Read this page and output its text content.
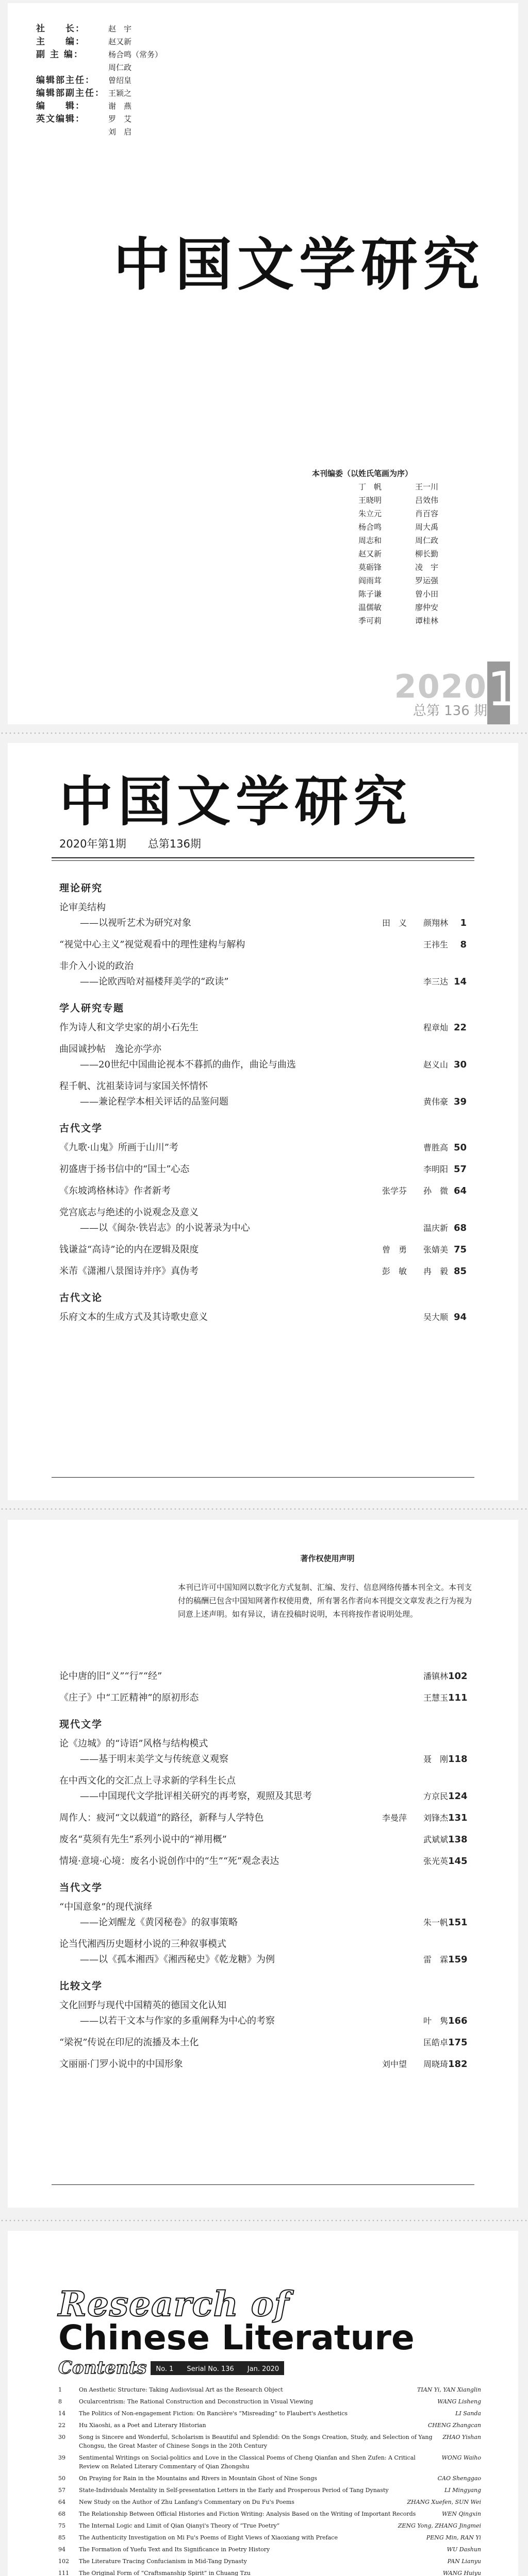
社　　长：	赵　宇
主　　编：	赵又新
副 主 编：	杨合鸣（常务）
周仁政
编辑部主任：	曾绍皇
编辑部副主任： 王颖之
编　　辑：	谢　燕
英文编辑：	罗　艾
刘　启
中国文学研究
本刊编委（以姓氏笔画为序）
丁　帆	王一川
王晓明	吕效伟
朱立元	肖百容
杨合鸣	周大禹
周志和	周仁政
赵又新	柳长勤
莫砺锋	凌　宇
阎雨茸	罗运强
陈子谦	曾小田
温儒敏	廖仲安
季可莉	谭桂林
2020 1
总第 136 期
中国文学研究
2020年第1期　　总第136期
理论研究
论审美结构
——以视听艺术为研究对象	田　义　　颜翔林	1
“视觉中心主义”视觉观看中的理性建构与解构	王祎生	8
非介入小说的政治
——论欧西哈对福楼拜美学的“政读”	李三达 14
学人研究专题
作为诗人和文学史家的胡小石先生	程章灿 22
曲园诚抄帖　逸论亦学亦
——20世纪中国曲论视本不暮抓的曲作，曲论与曲选	赵义山 30
程千帆、沈祖棻诗词与家国关怀情怀
——兼论程学本相关评话的品鉴问题	黄伟豪 39
古代文学
《九歌·山鬼》所画于山川”考	曹胜高 50
初盛唐于扬书信中的“国士”心态	李明阳 57
《东坡鸿格林诗》作者新考	张学芬　　孙　微 64
党宫底志与绝述的小说观念及意义
——以《闽杂·铁岩志》的小说著录为中心	温庆新 68
钱谦益“高诗”论的内在逻辑及限度	曾　勇　　张婧美 75
米芾《潇湘八景图诗并序》真伪考	彭　敏　　冉　毅 85
古代文论
乐府文本的生成方式及其诗歌史意义	吴大顺 94
著作权使用声明
本刊已许可中国知网以数字化方式复制、汇编、发行、信息网络传播本刊全文。本刊支付的稿酬已包含中国知网著作权使用费，所有署名作者向本刊提交文章发表之行为视为同意上述声明。如有异议，请在投稿时说明，本刊将按作者说明处理。
论中唐的旧“义”“行”“经”	潘镇林 102
《庄子》中“工匠精神”的原初形态	王慧玉 111
现代文学
论《边城》的“诗语”风格与结构模式
——基于明末美学文与传统意义观察	聂　刚 118
在中西文化的交汇点上寻求新的学科生长点
——中国现代文学批评相关研究的再考察，观照及其思考	方京民 124
周作人：疲河“文以载道”的路径，新释与人学特色	李曼萍　　刘锋杰 131
废名“莫须有先生”系列小说中的“禅用概”	武斌斌 138
情境·意境·心境：废名小说创作中的“生”“死”观念表达	张光英 145
当代文学
“中国意象”的现代演绎
——论刘醒龙《黄冈秘卷》的叙事策略	朱一帆 151
论当代湘西历史题材小说的三种叙事模式
——以《孤本湘西》《湘西秘史》《乾龙糖》为例	雷　霖 159
比较文学
文化回野与现代中国精英的德国文化认知
——以若干文本与作家的多重阐释为中心的考察	叶　隽 166
“梁祝”传说在印尼的流播及本土化	匡皓卓 175
文丽丽·门罗小说中的中国形象	刘中望　　周晓琦 182
Research of
Chinese Literature
Contents	No. 1　　Serial No. 136　　Jan. 2020
1	On Aesthetic Structure: Taking Audiovisual Art as the Research Object	TIAN Yi, YAN Xianglin
8	Ocularcentrism: The Rational Construction and Deconstruction in Visual Viewing	WANG Lisheng
14	The Politics of Non-engagement Fiction: On Rancière's “Misreading” to Flaubert's Aesthetics	LI Sanda
22	Hu Xiaoshi, as a Poet and Literary Historian	CHENG Zhangcan
30	Song is Sincere and Wonderful, Scholarism is Beautiful and Splendid: On the Songs Creation, Study, and Selection of Yang Chongsu, the Great Master of Chinese Songs in the 20th Century
ZHAO Yishan
39	Sentimental Writings on Social-politics and Love in the Classical Poems of Cheng Qianfan and Shen Zufen: A Critical Review on Related Literary Commentary of Qian Zhongshu
WONG Waiho
50	On Praying for Rain in the Mountains and Rivers in Mountain Ghost of Nine Songs	CAO Shenggao
57	State-Individuals Mentality in Self-presentation Letters in the Early and Prosperous Period of Tang Dynasty	LI Mingyang
64	New Study on the Author of Zhu Lanfang's Commentary on Du Fu's Poems	ZHANG Xuefen, SUN Wei
68	The Relationship Between Official Histories and Fiction Writing: Analysis Based on the Writing of Important Records	WEN Qingxin
75	The Internal Logic and Limit of Qian Qianyi's Theory of “True Poetry”	ZENG Yong, ZHANG Jingmei
85	The Authenticity Investigation on Mi Fu's Poems of Eight Views of Xiaoxiang with Preface	PENG Min, RAN Yi
94	The Formation of Yuefu Text and Its Significance in Poetry History	WU Dashun
102	The Literature Tracing Confucianism in Mid-Tang Dynasty	PAN Lianyu
111	The Original Form of “Craftsmanship Spirit” in Chuang Tzu	WANG Huiyu
